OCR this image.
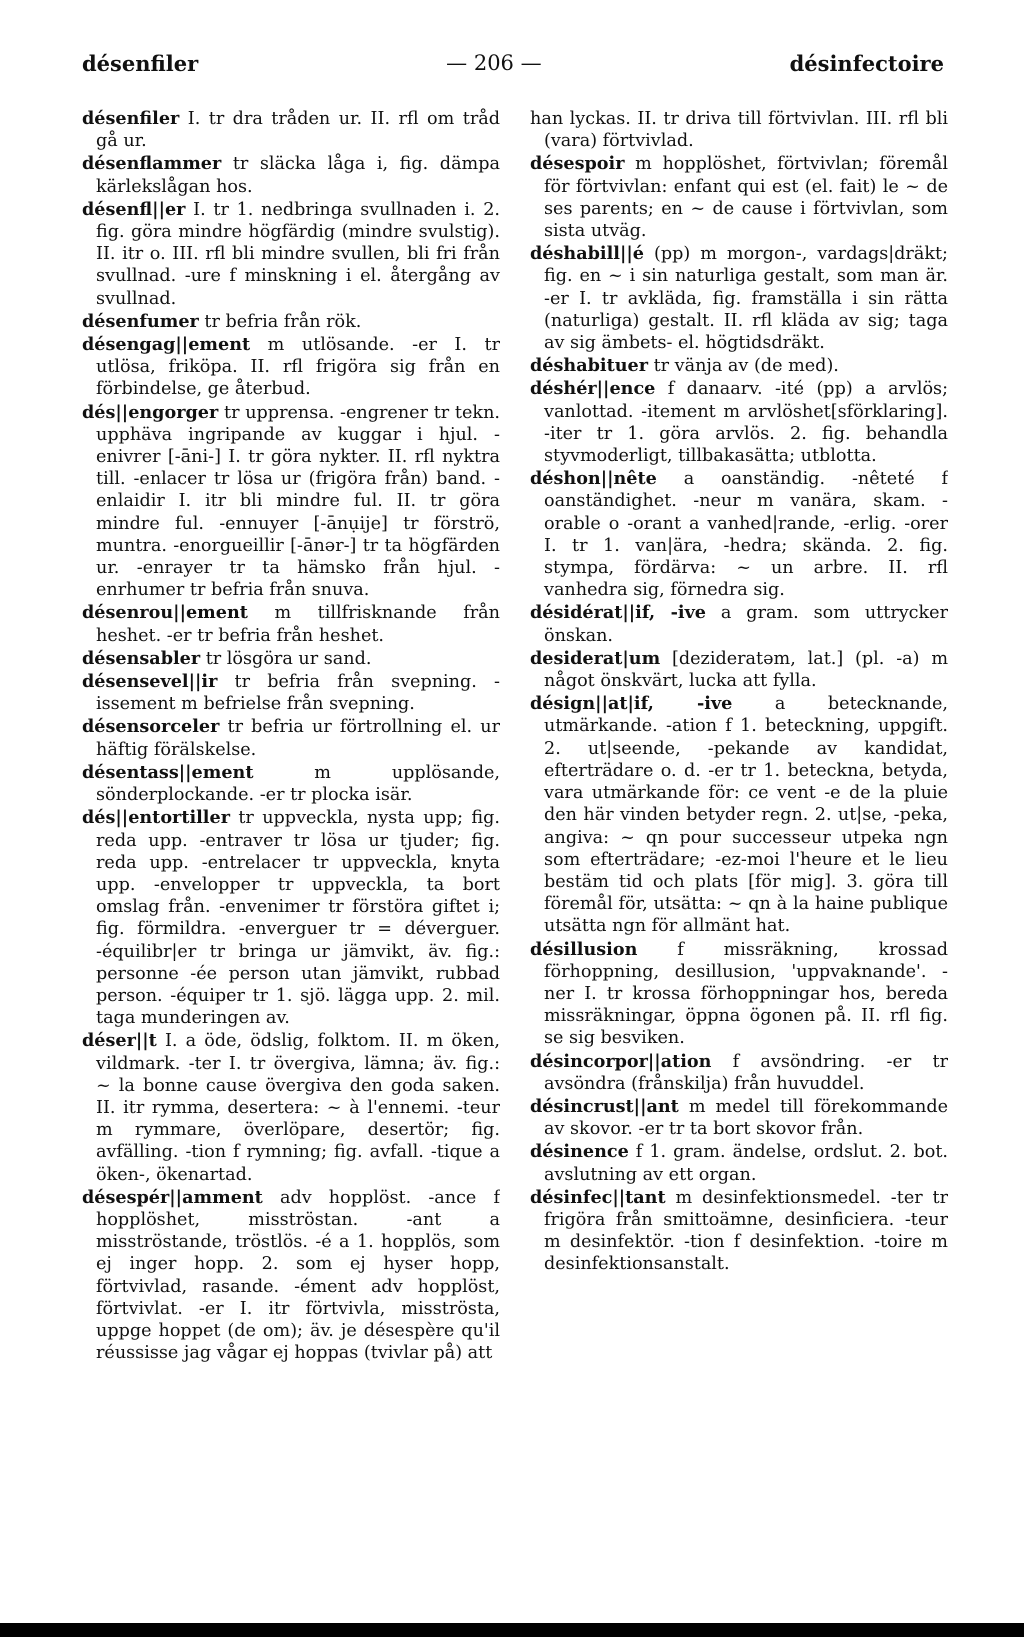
désenfiler	— 206 —	désinfectoire

désenfiler I. tr dra tråden ur. II. rfl om tråd gå ur.

désenflammer tr släcka låga i, fig. dämpa kärlekslågan hos.

désenfl||er I. tr 1. nedbringa svullnaden i. 2. fig. göra mindre högfärdig (mindre svulstig). II. itr o. III. rfl bli mindre svullen, bli fri från svullnad. -ure f minskning i el. återgång av svullnad.

désenfumer tr befria från rök.

désengag||ement m utlösande. -er I. tr utlösa, friköpa. II. rfl frigöra sig från en förbindelse, ge återbud.

dés||engorger tr upprensa. -engrener tr tekn. upphäva ingripande av kuggar i hjul. -enivrer [-āni-] I. tr göra nykter. II. rfl nyktra till. -enlacer tr lösa ur (frigöra från) band. -enlaidir I. itr bli mindre ful. II. tr göra mindre ful. -ennuyer [-ānụije] tr förströ, muntra. -enorgueillir [-ānər-] tr ta högfärden ur. -enrayer tr ta hämsko från hjul. -enrhumer tr befria från snuva.

désenrou||ement m tillfrisknande från heshet. -er tr befria från heshet.

désensabler tr lösgöra ur sand.

désensevel||ir tr befria från svepning. -issement m befrielse från svepning.

désensorceler tr befria ur förtrollning el. ur häftig förälskelse.

désentass||ement	m upplösande, sönderplockande. -er tr plocka isär.

dés||entortiller tr uppveckla, nysta upp; fig. reda upp. -entraver tr lösa ur tjuder; fig. reda upp. -entrelacer tr uppveckla, knyta upp. -envelopper tr uppveckla, ta bort omslag från. -envenimer tr förstöra giftet i; fig. förmildra. -enverguer tr = déverguer. -équilibr|er tr bringa ur jämvikt, äv. fig.: personne -ée person utan jämvikt, rubbad person. -équiper tr 1. sjö. lägga upp. 2. mil. taga munderingen av.

déser||t I. a öde, ödslig, folktom. II. m öken, vildmark. -ter I. tr övergiva, lämna; äv. fig.: ~ la bonne cause övergiva den goda saken. II. itr rymma, desertera: ~ à l'ennemi. -teur m rymmare, överlöpare, desertör; fig. avfälling. -tion f rymning; fig. avfall. -tique a öken-, ökenartad.

désespér||amment adv hopplöst. -ance f hopplöshet, misströstan. -ant a misströstande, tröstlös. -é a 1. hopplös, som ej inger hopp. 2. som ej hyser hopp, förtvivlad, rasande. -ément adv hopplöst, förtvivlat. -er I. itr förtvivla, misströsta, uppge hoppet (de om); äv. je désespère qu'il réussisse jag vågar ej hoppas (tvivlar på) att

han lyckas. II. tr driva till förtvivlan. III. rfl bli (vara) förtvivlad.

désespoir m hopplöshet, förtvivlan; föremål för förtvivlan: enfant qui est (el. fait) le ~ de ses parents; en ~ de cause i förtvivlan, som sista utväg.

déshabill||é (pp) m morgon-, vardags|dräkt; fig. en ~ i sin naturliga gestalt, som man är. -er I. tr avkläda, fig. framställa i sin rätta (naturliga) gestalt. II. rfl kläda av sig; taga av sig ämbets- el. högtidsdräkt.

déshabituer tr vänja av (de med).

déshér||ence f danaarv. -ité (pp) a arvlös; vanlottad. -itement m arvlöshet[sförklaring]. -iter tr 1. göra arvlös. 2. fig. behandla styvmoderligt, tillbakasätta; utblotta.

déshon||nête a oanständig. -nêteté f oanständighet. -neur m vanära, skam. -orable o -orant a vanhed|rande, -erlig. -orer I. tr 1. van|ära, -hedra; skända. 2. fig. stympa, fördärva: ~ un arbre. II. rfl vanhedra sig, förnedra sig.

désidérat||if, -ive a gram. som uttrycker önskan.

desiderat|um [dezideratəm, lat.] (pl. -a) m något önskvärt, lucka att fylla.

désign||at|if, -ive a betecknande, utmärkande. -ation f 1. beteckning, uppgift. 2. ut|seende, -pekande av kandidat, efterträdare o. d. -er tr 1. beteckna, betyda, vara utmärkande för: ce vent -e de la pluie den här vinden betyder regn. 2. ut|se, -peka, angiva: ~ qn pour successeur utpeka ngn som efterträdare; -ez-moi l'heure et le lieu bestäm tid och plats [för mig]. 3. göra till föremål för, utsätta: ~ qn à la haine publique utsätta ngn för allmänt hat.

désillusion f missräkning, krossad förhoppning, desillusion, 'uppvaknande'. -ner I. tr krossa förhoppningar hos, bereda missräkningar, öppna ögonen på. II. rfl fig. se sig besviken.

désincorpor||ation f avsöndring. -er tr avsöndra (frånskilja) från huvuddel.

désincrust||ant m medel till förekommande av skovor. -er tr ta bort skovor från.

désinence f 1. gram. ändelse, ordslut. 2. bot. avslutning av ett organ.

désinfec||tant m desinfektionsmedel. -ter tr frigöra från smittoämne, desinficiera. -teur m desinfektör. -tion f desinfektion. -toire m desinfektionsanstalt.
